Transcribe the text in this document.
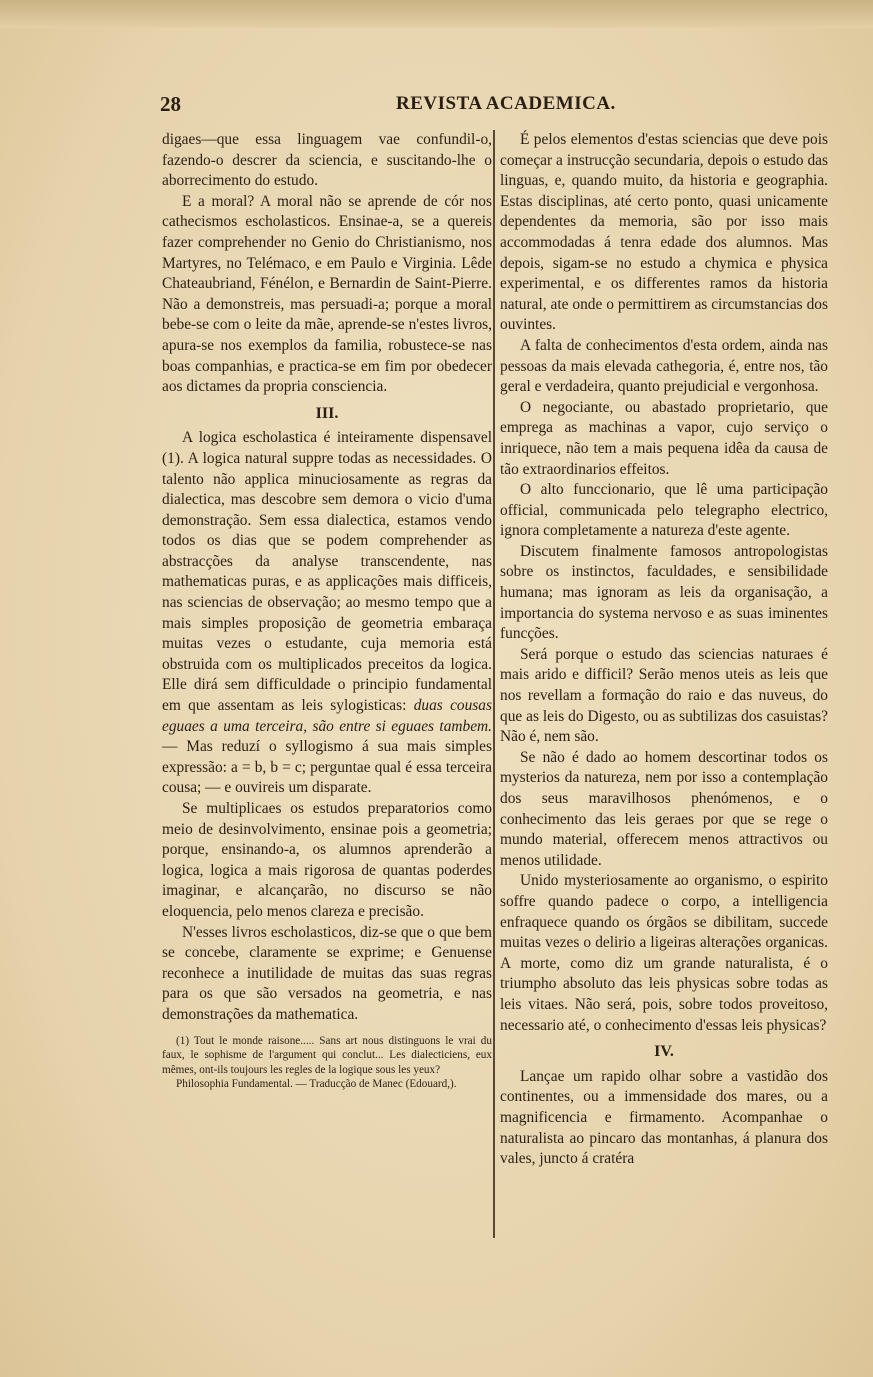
28	REVISTA ACADEMICA.

digaes—que essa linguagem vae confundil-o, fazendo-o descrer da sciencia, e suscitando-lhe o aborrecimento do estudo.

E a moral? A moral não se aprende de cór nos cathecismos escholasticos. Ensinae-a, se a quereis fazer comprehender no Genio do Christianismo, nos Martyres, no Telémaco, e em Paulo e Virginia. Lêde Chateaubriand, Fénélon, e Bernardin de Saint-Pierre. Não a demonstreis, mas persuadi-a; porque a moral bebe-se com o leite da mãe, aprende-se n'estes livros, apura-se nos exemplos da familia, robustece-se nas boas companhias, e practica-se em fim por obedecer aos dictames da propria consciencia.

III.

A logica escholastica é inteiramente dispensavel (1). A logica natural suppre todas as necessidades. O talento não applica minuciosamente as regras da dialectica, mas descobre sem demora o vicio d'uma demonstração. Sem essa dialectica, estamos vendo todos os dias que se podem comprehender as abstracções da analyse transcendente, nas mathematicas puras, e as applicações mais difficeis, nas sciencias de observação; ao mesmo tempo que a mais simples proposição de geometria embaraça muitas vezes o estudante, cuja memoria está obstruida com os multiplicados preceitos da logica. Elle dirá sem difficuldade o principio fundamental em que assentam as leis sylogisticas: duas cousas eguaes a uma terceira, são entre si eguaes tambem. — Mas reduzí o syllogismo á sua mais simples expressão: a = b, b = c; perguntae qual é essa terceira cousa; — e ouvireis um disparate.

Se multiplicaes os estudos preparatorios como meio de desinvolvimento, ensinae pois a geometria; porque, ensinando-a, os alumnos aprenderão a logica, logica a mais rigorosa de quantas poderdes imaginar, e alcançarão, no discurso se não eloquencia, pelo menos clareza e precisão.

N'esses livros escholasticos, diz-se que o que bem se concebe, claramente se exprime; e Genuense reconhece a inutilidade de muitas das suas regras para os que são versados na geometria, e nas demonstrações da mathematica.

(1) Tout le monde raisone..... Sans art nous distinguons le vrai du faux, le sophisme de l'argument qui conclut... Les dialecticiens, eux mêmes, ont-ils toujours les regles de la logique sous les yeux?

Philosophia Fundamental. — Traducção de Manec (Edouard,).

É pelos elementos d'estas sciencias que deve pois começar a instrucção secundaria, depois o estudo das linguas, e, quando muito, da historia e geographia. Estas disciplinas, até certo ponto, quasi unicamente dependentes da memoria, são por isso mais accommodadas á tenra edade dos alumnos. Mas depois, sigam-se no estudo a chymica e physica experimental, e os differentes ramos da historia natural, ate onde o permittirem as circumstancias dos ouvintes.

A falta de conhecimentos d'esta ordem, ainda nas pessoas da mais elevada cathegoria, é, entre nos, tão geral e verdadeira, quanto prejudicial e vergonhosa.

O negociante, ou abastado proprietario, que emprega as machinas a vapor, cujo serviço o inriquece, não tem a mais pequena idêa da causa de tão extraordinarios effeitos.

O alto funccionario, que lê uma participação official, communicada pelo telegrapho electrico, ignora completamente a natureza d'este agente.

Discutem finalmente famosos antropologistas sobre os instinctos, faculdades, e sensibilidade humana; mas ignoram as leis da organisação, a importancia do systema nervoso e as suas iminentes funcções.

Será porque o estudo das sciencias naturaes é mais arido e difficil? Serão menos uteis as leis que nos revellam a formação do raio e das nuveus, do que as leis do Digesto, ou as subtilizas dos casuistas? Não é, nem são.

Se não é dado ao homem descortinar todos os mysterios da natureza, nem por isso a contemplação dos seus maravilhosos phenómenos, e o conhecimento das leis geraes por que se rege o mundo material, offerecem menos attractivos ou menos utilidade.

Unido mysteriosamente ao organismo, o espirito soffre quando padece o corpo, a intelligencia enfraquece quando os órgãos se dibilitam, succede muitas vezes o delirio a ligeiras alterações organicas. A morte, como diz um grande naturalista, é o triumpho absoluto das leis physicas sobre todas as leis vitaes. Não será, pois, sobre todos proveitoso, necessario até, o conhecimento d'essas leis physicas?

IV.

Lançae um rapido olhar sobre a vastidão dos continentes, ou a immensidade dos mares, ou a magnificencia e firmamento. Acompanhae o naturalista ao pincaro das montanhas, á planura dos vales, juncto á cratéra
